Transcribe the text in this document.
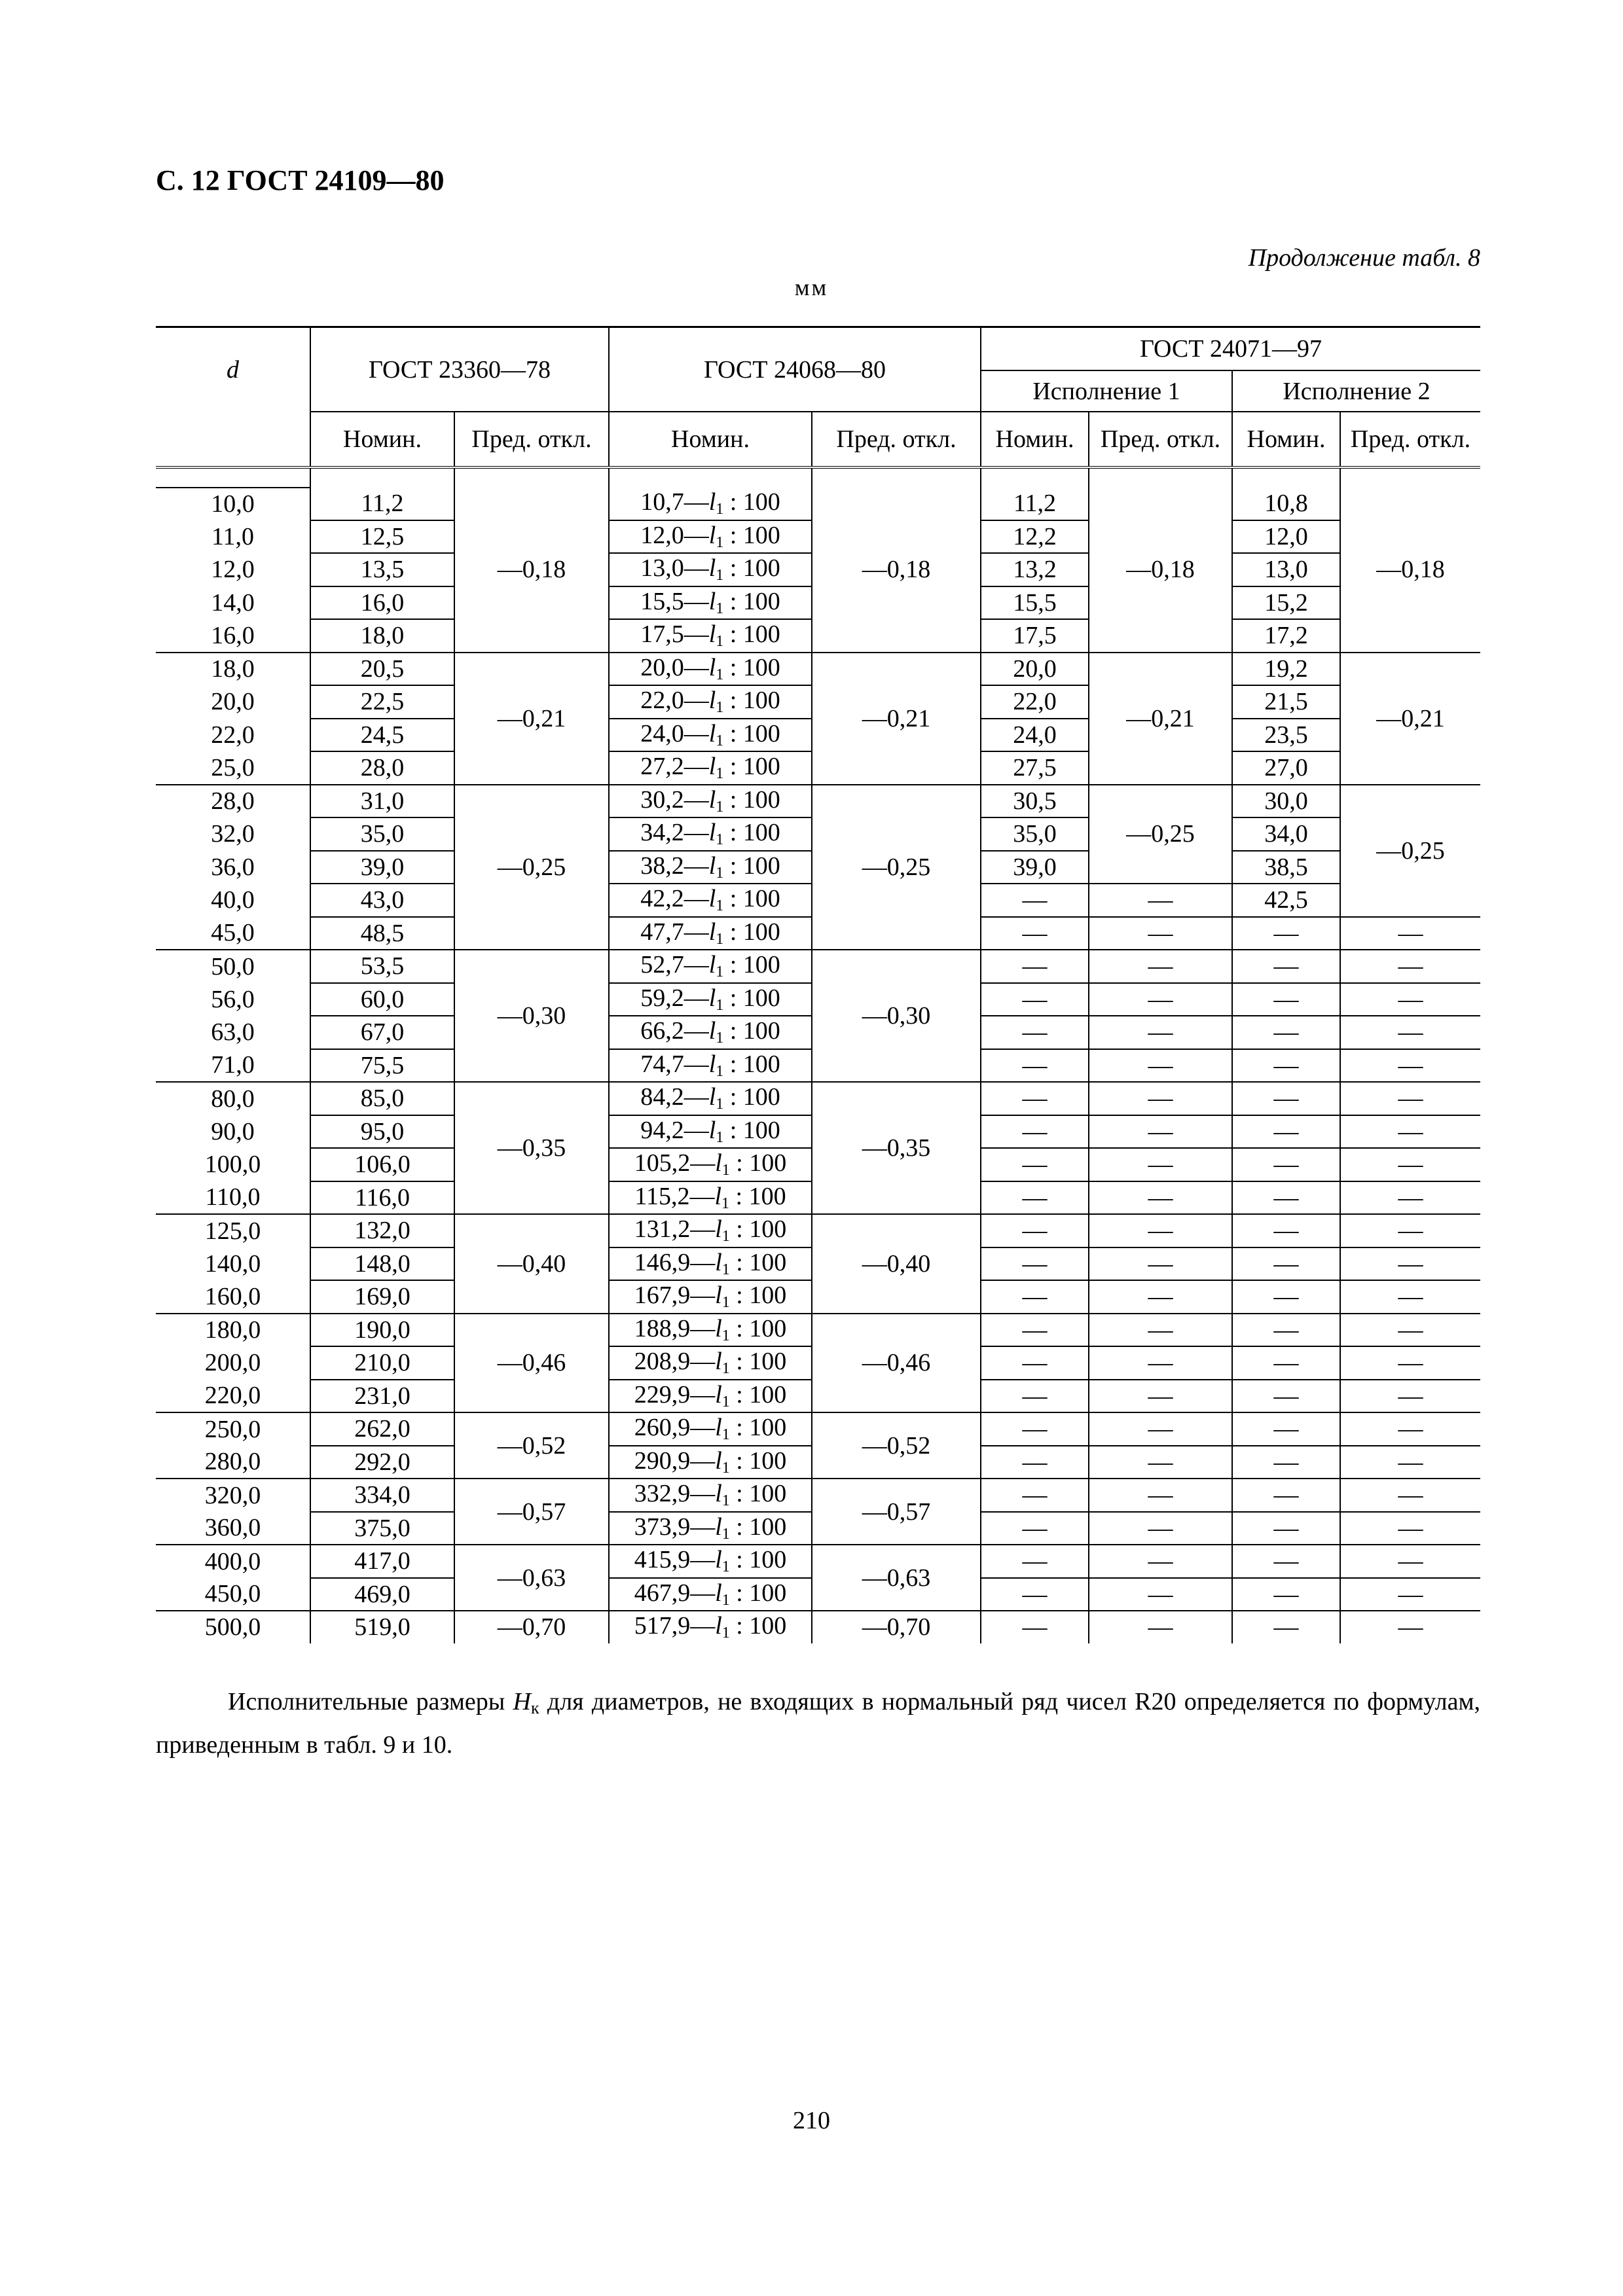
С. 12 ГОСТ 24109—80
Продолжение табл. 8
мм
d	ГОСТ 23360—78		ГОСТ 24068—80		ГОСТ 24071—97			
					Исполнение 1		Исполнение 2	
	Номин.	Пред. откл.	Номин.	Пред. откл.	Номин.	Пред. откл.	Номин.	Пред. откл.

10,0	11,2	—0,18	$10,7—l_1$ : 100	—0,18	11,2	—0,18	10,8	—0,18
11,0	12,5		$12,0—l_1$ : 100		12,2		12,0	
12,0	13,5		$13,0—l_1$ : 100		13,2		13,0	
14,0	16,0		$15,5—l_1$ : 100		15,5		15,2	
16,0	18,0		$17,5—l_1$ : 100		17,5		17,2	
18,0	20,5	—0,21	$20,0—l_1$ : 100	—0,21	20,0	—0,21	19,2	—0,21
20,0	22,5		$22,0—l_1$ : 100		22,0		21,5	
22,0	24,5		$24,0—l_1$ : 100		24,0		23,5	
25,0	28,0		$27,2—l_1$ : 100		27,5		27,0	
28,0	31,0	—0,25	$30,2—l_1$ : 100	—0,25	30,5	—0,25	30,0	—0,25
32,0	35,0		$34,2—l_1$ : 100		35,0		34,0	
36,0	39,0		$38,2—l_1$ : 100		39,0		38,5	
40,0	43,0		$42,2—l_1$ : 100		—	—	42,5	
45,0	48,5		$47,7—l_1$ : 100		—	—	—	—
50,0	53,5	—0,30	$52,7—l_1$ : 100	—0,30	—	—	—	—
56,0	60,0		$59,2—l_1$ : 100		—	—	—	—
63,0	67,0		$66,2—l_1$ : 100		—	—	—	—
71,0	75,5		$74,7—l_1$ : 100		—	—	—	—
80,0	85,0	—0,35	$84,2—l_1$ : 100	—0,35	—	—	—	—
90,0	95,0		$94,2—l_1$ : 100		—	—	—	—
100,0	106,0		$105,2—l_1$ : 100		—	—	—	—
110,0	116,0		$115,2—l_1$ : 100		—	—	—	—
125,0	132,0	—0,40	$131,2—l_1$ : 100	—0,40	—	—	—	—
140,0	148,0		$146,9—l_1$ : 100		—	—	—	—
160,0	169,0		$167,9—l_1$ : 100		—	—	—	—
180,0	190,0	—0,46	$188,9—l_1$ : 100	—0,46	—	—	—	—
200,0	210,0		$208,9—l_1$ : 100		—	—	—	—
220,0	231,0		$229,9—l_1$ : 100		—	—	—	—
250,0	262,0	—0,52	$260,9—l_1$ : 100	—0,52	—	—	—	—
280,0	292,0		$290,9—l_1$ : 100		—	—	—	—
320,0	334,0	—0,57	$332,9—l_1$ : 100	—0,57	—	—	—	—
360,0	375,0		$373,9—l_1$ : 100		—	—	—	—
400,0	417,0	—0,63	$415,9—l_1$ : 100	—0,63	—	—	—	—
450,0	469,0		$467,9—l_1$ : 100		—	—	—	—
500,0	519,0	—0,70	$517,9—l_1$ : 100	—0,70	—	—	—	—

Исполнительные размеры $H_к$ для диаметров, не входящих в нормальный ряд чисел R20 определяется по формулам, приведенным в табл. 9 и 10.

210
